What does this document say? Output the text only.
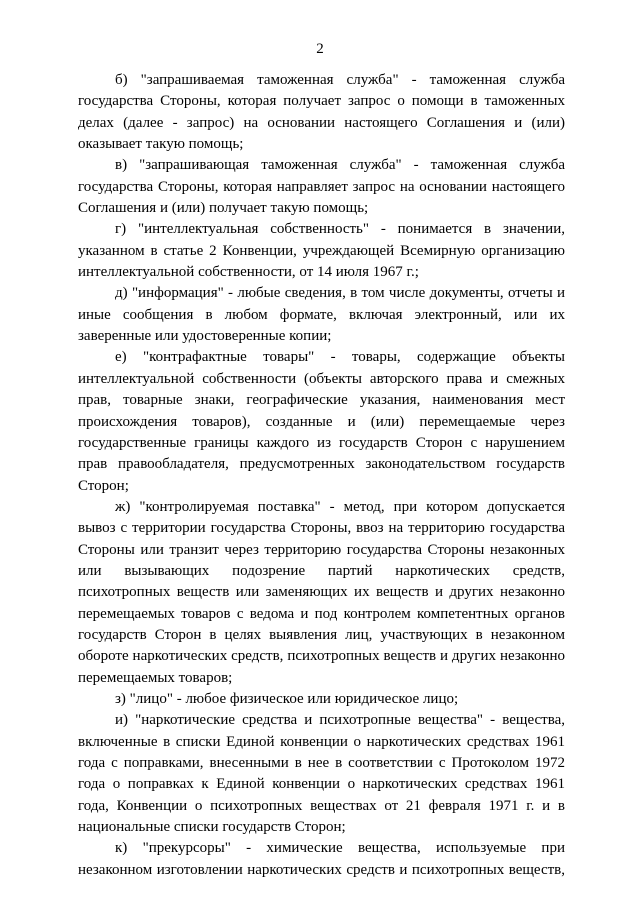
2

б) "запрашиваемая таможенная служба" - таможенная служба государства Стороны, которая получает запрос о помощи в таможенных делах (далее - запрос) на основании настоящего Соглашения и (или) оказывает такую помощь;

в) "запрашивающая таможенная служба" - таможенная служба государства Стороны, которая направляет запрос на основании настоящего Соглашения и (или) получает такую помощь;

г) "интеллектуальная собственность" - понимается в значении, указанном в статье 2 Конвенции, учреждающей Всемирную организацию интеллектуальной собственности, от 14 июля 1967 г.;

д) "информация" - любые сведения, в том числе документы, отчеты и иные сообщения в любом формате, включая электронный, или их заверенные или удостоверенные копии;

е) "контрафактные товары" - товары, содержащие объекты интеллектуальной собственности (объекты авторского права и смежных прав, товарные знаки, географические указания, наименования мест происхождения товаров), созданные и (или) перемещаемые через государственные границы каждого из государств Сторон с нарушением прав правообладателя, предусмотренных законодательством государств Сторон;

ж) "контролируемая поставка" - метод, при котором допускается вывоз с территории государства Стороны, ввоз на территорию государства Стороны или транзит через территорию государства Стороны незаконных или вызывающих подозрение партий наркотических средств, психотропных веществ или заменяющих их веществ и других незаконно перемещаемых товаров с ведома и под контролем компетентных органов государств Сторон в целях выявления лиц, участвующих в незаконном обороте наркотических средств, психотропных веществ и других незаконно перемещаемых товаров;

з) "лицо" - любое физическое или юридическое лицо;

и) "наркотические средства и психотропные вещества" - вещества, включенные в списки Единой конвенции о наркотических средствах 1961 года с поправками, внесенными в нее в соответствии с Протоколом 1972 года о поправках к Единой конвенции о наркотических средствах 1961 года, Конвенции о психотропных веществах от 21 февраля 1971 г. и в национальные списки государств Сторон;

к) "прекурсоры" - химические вещества, используемые при незаконном изготовлении наркотических средств и психотропных веществ,
